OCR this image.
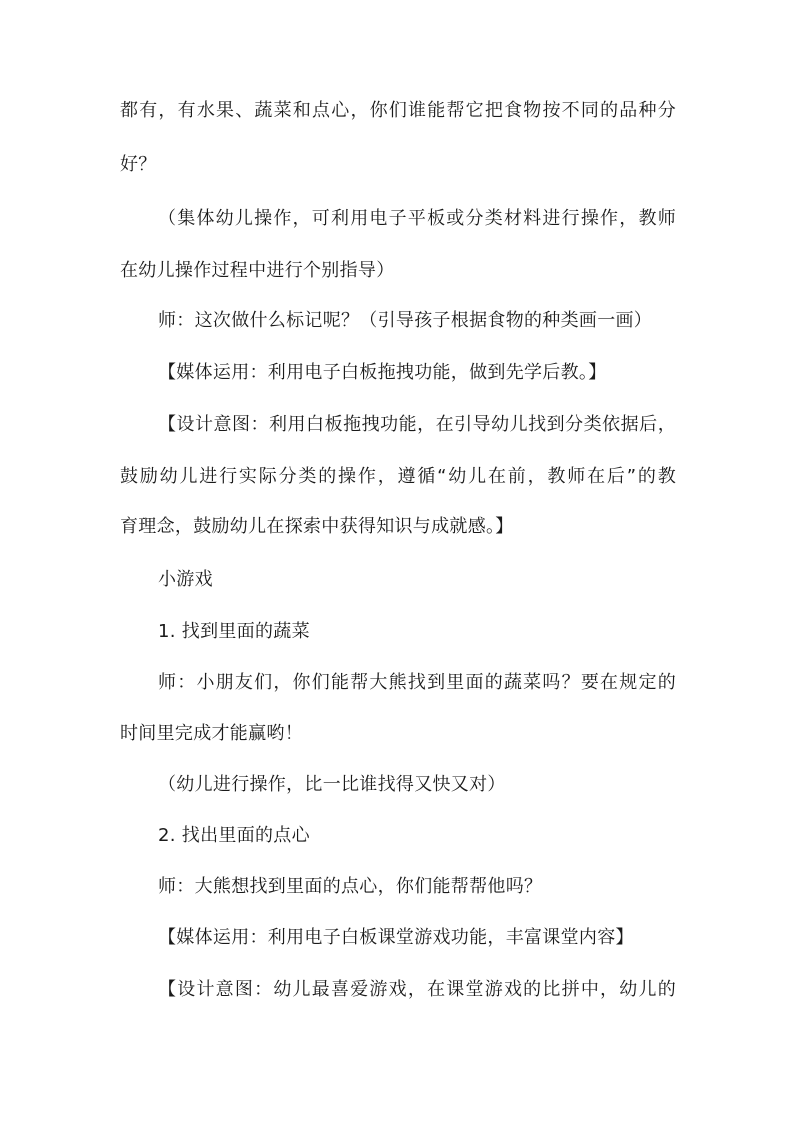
都有，有水果、蔬菜和点心，你们谁能帮它把食物按不同的品种分
好？
（集体幼儿操作，可利用电子平板或分类材料进行操作，教师
在幼儿操作过程中进行个别指导）
师：这次做什么标记呢？（引导孩子根据食物的种类画一画）
【媒体运用：利用电子白板拖拽功能，做到先学后教。】
【设计意图：利用白板拖拽功能，在引导幼儿找到分类依据后，
鼓励幼儿进行实际分类的操作，遵循“幼儿在前，教师在后”的教
育理念，鼓励幼儿在探索中获得知识与成就感。】
小游戏
1. 找到里面的蔬菜
师：小朋友们，你们能帮大熊找到里面的蔬菜吗？要在规定的
时间里完成才能赢哟！
（幼儿进行操作，比一比谁找得又快又对）
2. 找出里面的点心
师：大熊想找到里面的点心，你们能帮帮他吗？
【媒体运用：利用电子白板课堂游戏功能，丰富课堂内容】
【设计意图：幼儿最喜爱游戏，在课堂游戏的比拼中，幼儿的
